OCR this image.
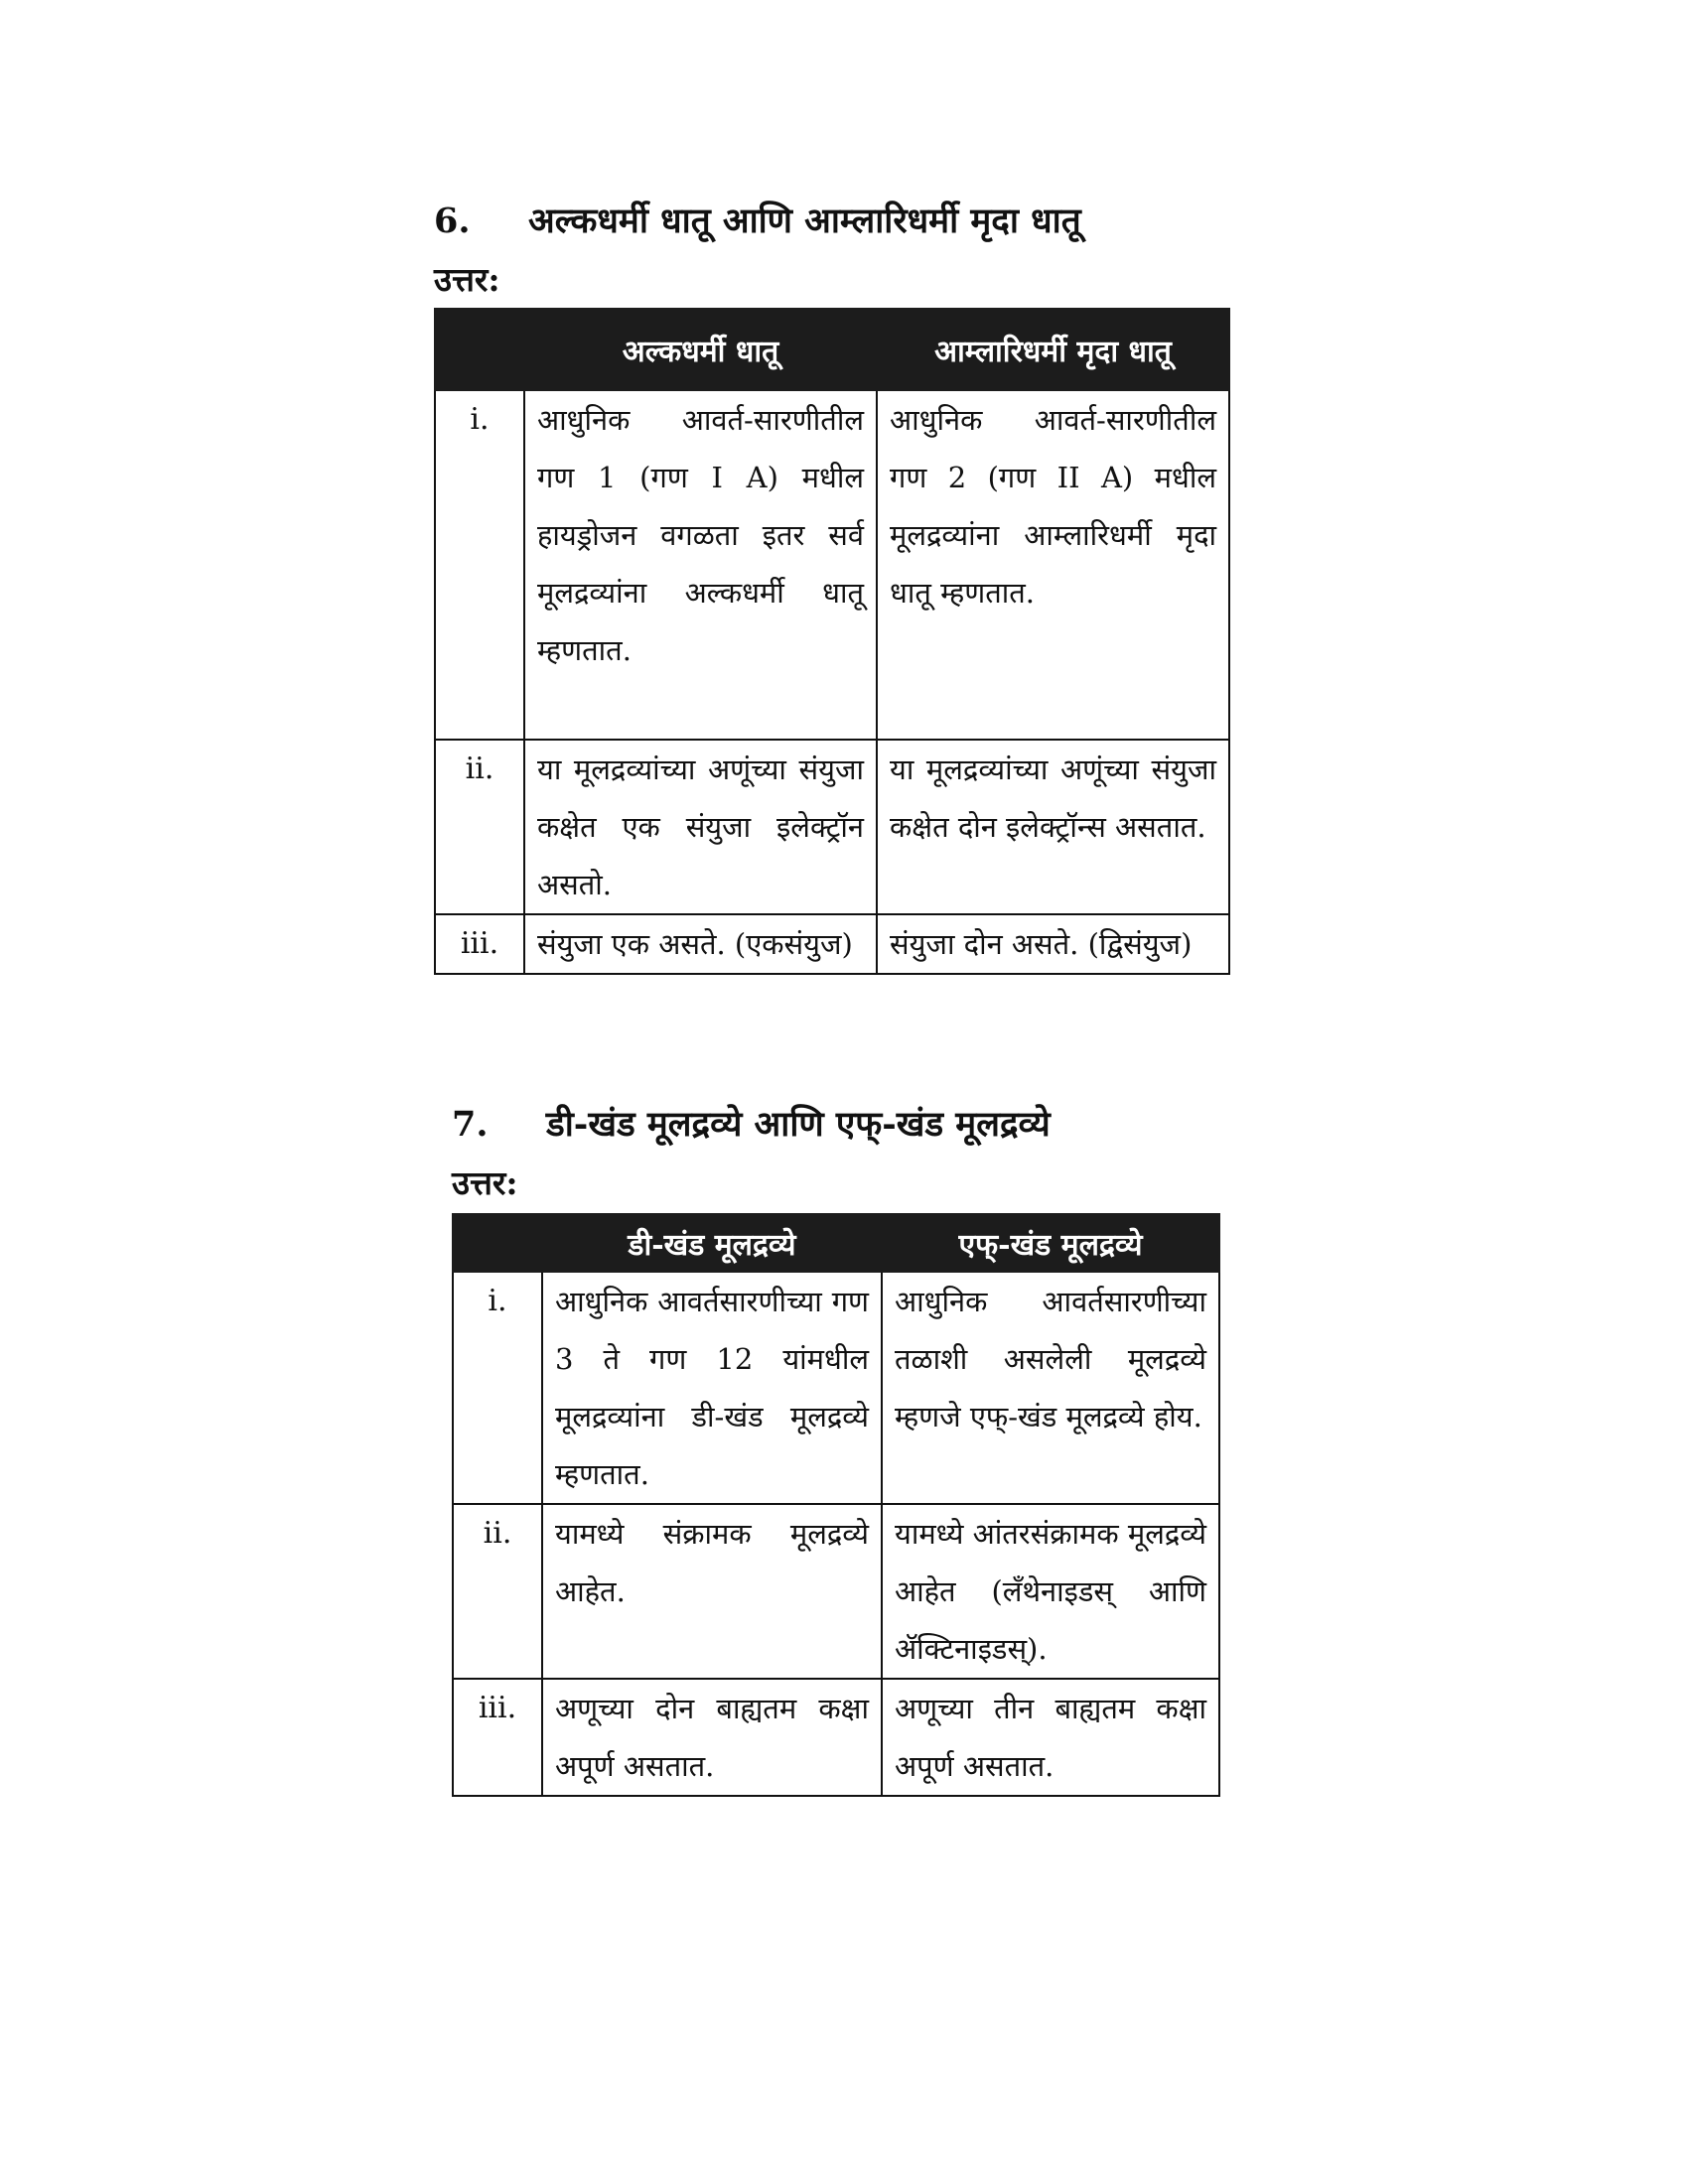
6. अल्कधर्मी धातू आणि आम्लारिधर्मी मृदा धातू
उत्तर:
	अल्कधर्मी धातू	आम्लारिधर्मी मृदा धातू
i.	आधुनिक आवर्त-सारणीतील गण 1 (गण I A) मधील हायड्रोजन वगळता इतर सर्व मूलद्रव्यांना अल्कधर्मी धातू म्हणतात.	आधुनिक आवर्त-सारणीतील गण 2 (गण II A) मधील मूलद्रव्यांना आम्लारिधर्मी मृदा धातू म्हणतात.
ii.	या मूलद्रव्यांच्या अणूंच्या संयुजा कक्षेत एक संयुजा इलेक्ट्रॉन असतो.	या मूलद्रव्यांच्या अणूंच्या संयुजा कक्षेत दोन इलेक्ट्रॉन्स असतात.
iii.	संयुजा एक असते. (एकसंयुज)	संयुजा दोन असते. (द्विसंयुज)
7. डी-खंड मूलद्रव्ये आणि एफ्-खंड मूलद्रव्ये
उत्तर:
	डी-खंड मूलद्रव्ये	एफ्-खंड मूलद्रव्ये
i.	आधुनिक आवर्तसारणीच्या गण 3 ते गण 12 यांमधील मूलद्रव्यांना डी-खंड मूलद्रव्ये म्हणतात.	आधुनिक आवर्तसारणीच्या तळाशी असलेली मूलद्रव्ये म्हणजे एफ्-खंड मूलद्रव्ये होय.
ii.	यामध्ये संक्रामक मूलद्रव्ये आहेत.	यामध्ये आंतरसंक्रामक मूलद्रव्ये आहेत (लँथेनाइडस् आणि ॲक्टिनाइडस्).
iii.	अणूच्या दोन बाह्यतम कक्षा अपूर्ण असतात.	अणूच्या तीन बाह्यतम कक्षा अपूर्ण असतात.
